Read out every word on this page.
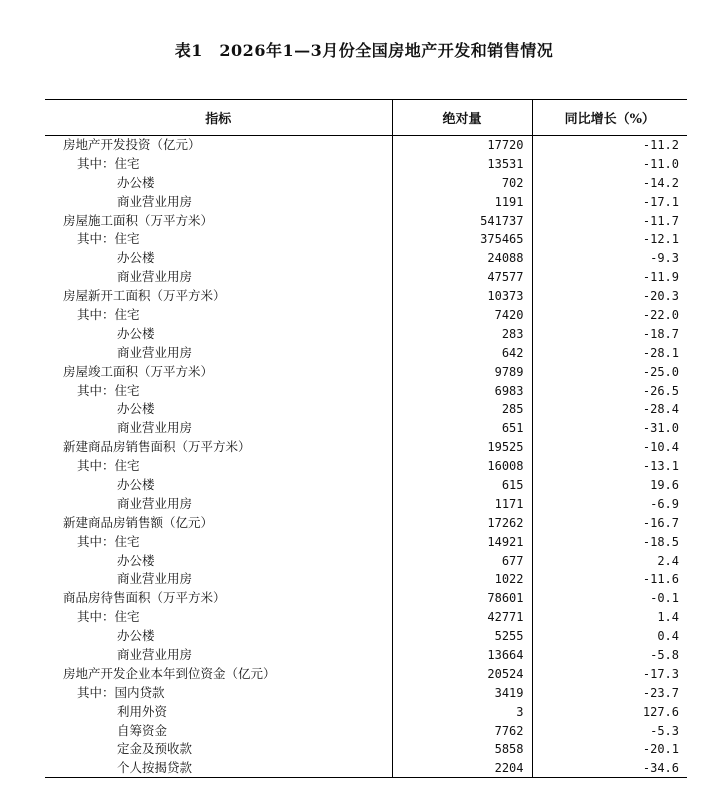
表1　2026年1—3月份全国房地产开发和销售情况
指标	绝对量	同比增长（%）
房地产开发投资（亿元）	17720	-11.2
其中：住宅	13531	-11.0
办公楼	702	-14.2
商业营业用房	1191	-17.1
房屋施工面积（万平方米）	541737	-11.7
其中：住宅	375465	-12.1
办公楼	24088	-9.3
商业营业用房	47577	-11.9
房屋新开工面积（万平方米）	10373	-20.3
其中：住宅	7420	-22.0
办公楼	283	-18.7
商业营业用房	642	-28.1
房屋竣工面积（万平方米）	9789	-25.0
其中：住宅	6983	-26.5
办公楼	285	-28.4
商业营业用房	651	-31.0
新建商品房销售面积（万平方米）	19525	-10.4
其中：住宅	16008	-13.1
办公楼	615	19.6
商业营业用房	1171	-6.9
新建商品房销售额（亿元）	17262	-16.7
其中：住宅	14921	-18.5
办公楼	677	2.4
商业营业用房	1022	-11.6
商品房待售面积（万平方米）	78601	-0.1
其中：住宅	42771	1.4
办公楼	5255	0.4
商业营业用房	13664	-5.8
房地产开发企业本年到位资金（亿元）	20524	-17.3
其中：国内贷款	3419	-23.7
利用外资	3	127.6
自筹资金	7762	-5.3
定金及预收款	5858	-20.1
个人按揭贷款	2204	-34.6
